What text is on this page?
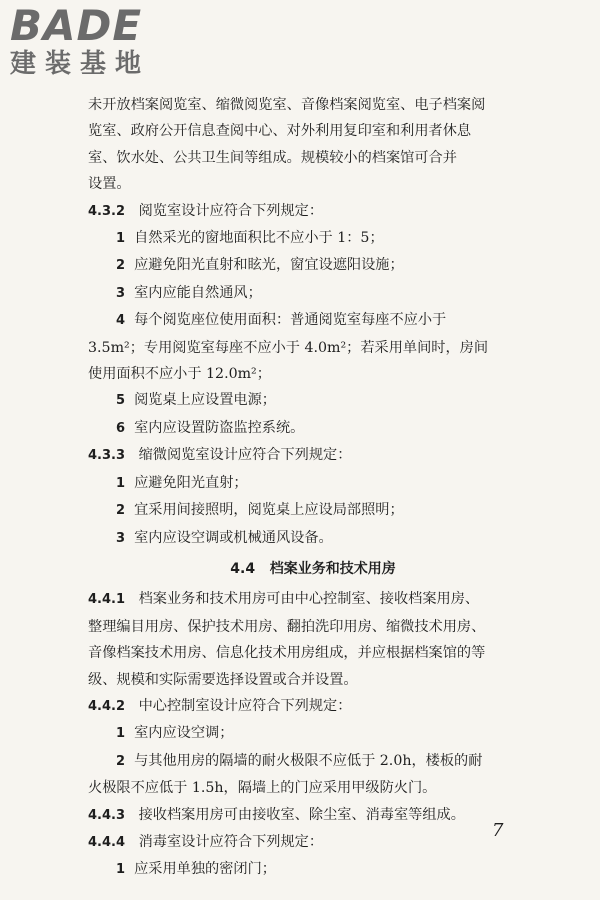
BADE
建装基地
未开放档案阅览室、缩微阅览室、音像档案阅览室、电子档案阅
览室、政府公开信息查阅中心、对外利用复印室和利用者休息
室、饮水处、公共卫生间等组成。规模较小的档案馆可合并
设置。
4.3.2 阅览室设计应符合下列规定：
1 自然采光的窗地面积比不应小于 1：5；
2 应避免阳光直射和眩光，窗宜设遮阳设施；
3 室内应能自然通风；
4 每个阅览座位使用面积：普通阅览室每座不应小于
3.5m²；专用阅览室每座不应小于 4.0m²；若采用单间时，房间
使用面积不应小于 12.0m²；
5 阅览桌上应设置电源；
6 室内应设置防盗监控系统。
4.3.3 缩微阅览室设计应符合下列规定：
1 应避免阳光直射；
2 宜采用间接照明，阅览桌上应设局部照明；
3 室内应设空调或机械通风设备。
4.4 档案业务和技术用房
4.4.1 档案业务和技术用房可由中心控制室、接收档案用房、
整理编目用房、保护技术用房、翻拍洗印用房、缩微技术用房、
音像档案技术用房、信息化技术用房组成，并应根据档案馆的等
级、规模和实际需要选择设置或合并设置。
4.4.2 中心控制室设计应符合下列规定：
1 室内应设空调；
2 与其他用房的隔墙的耐火极限不应低于 2.0h，楼板的耐
火极限不应低于 1.5h，隔墙上的门应采用甲级防火门。
4.4.3 接收档案用房可由接收室、除尘室、消毒室等组成。
4.4.4 消毒室设计应符合下列规定：
1 应采用单独的密闭门；
7
